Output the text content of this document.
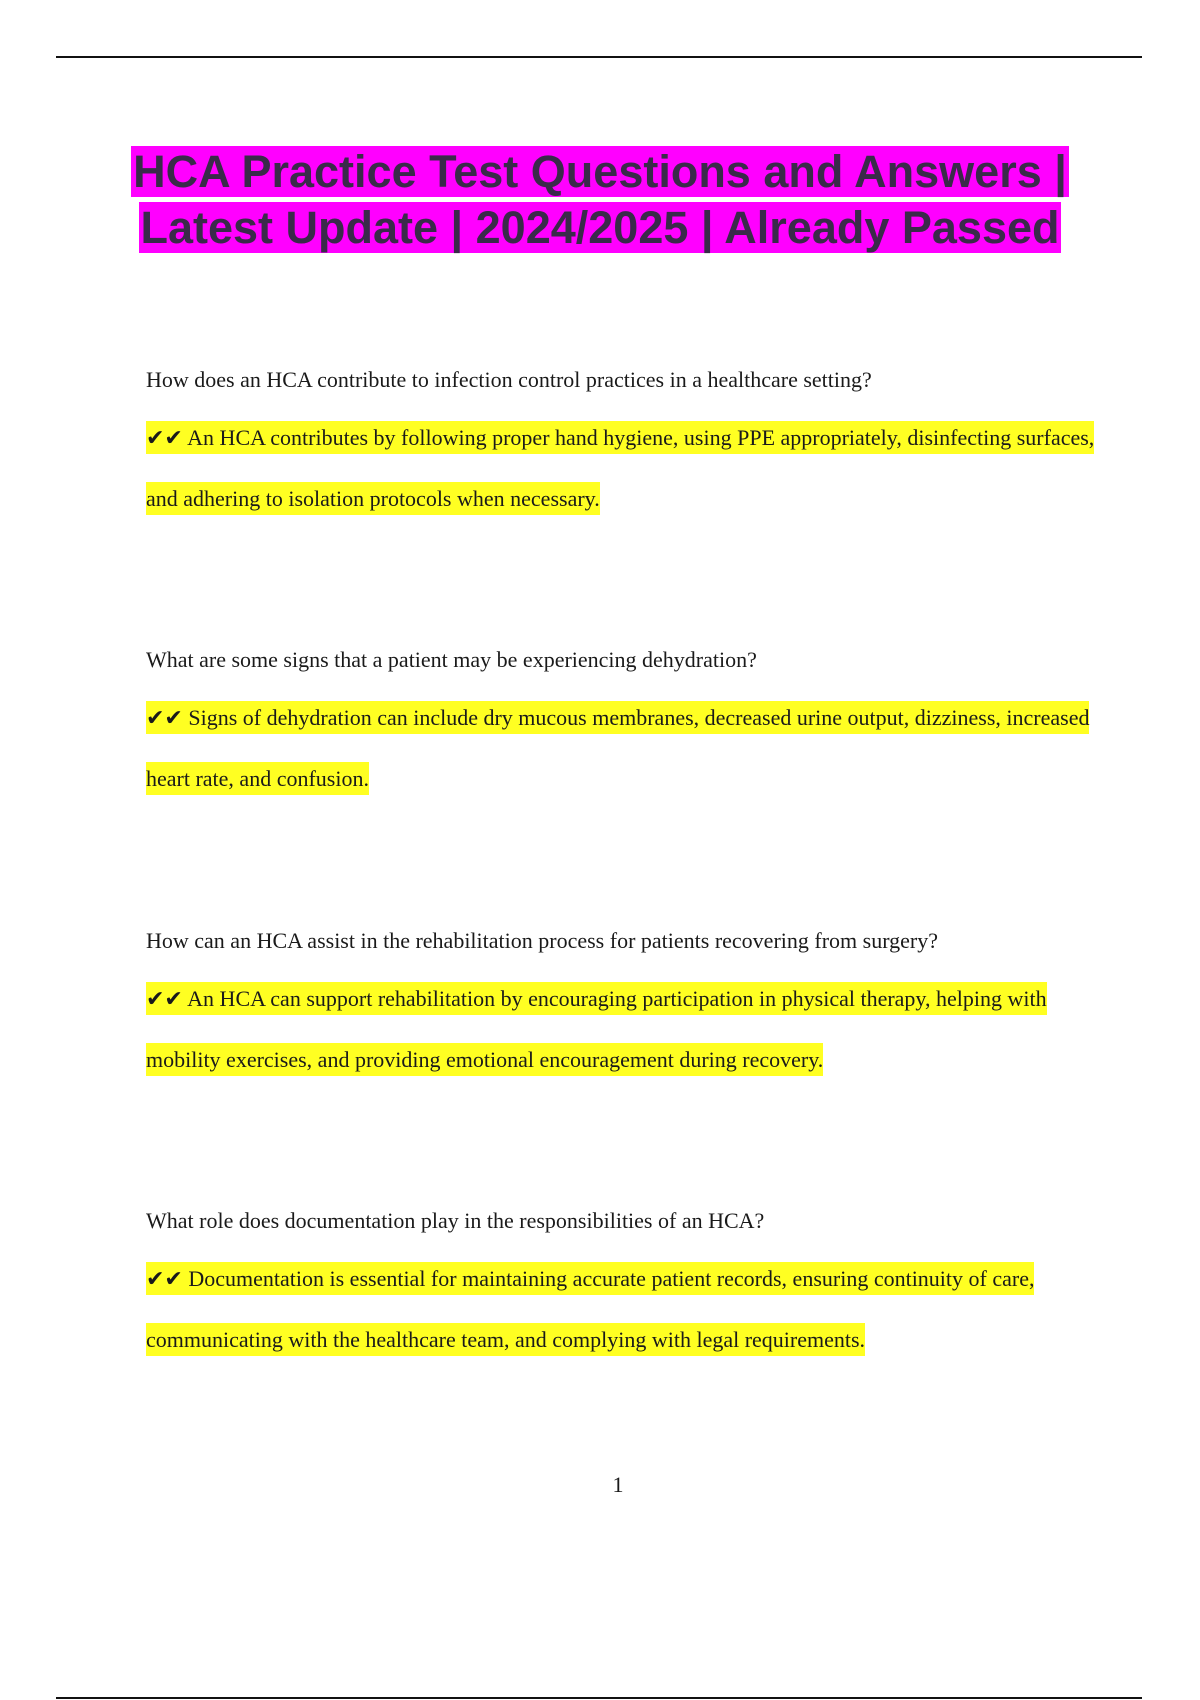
HCA Practice Test Questions and Answers | Latest Update | 2024/2025 | Already Passed

How does an HCA contribute to infection control practices in a healthcare setting?

✔✔ An HCA contributes by following proper hand hygiene, using PPE appropriately, disinfecting surfaces, and adhering to isolation protocols when necessary.

What are some signs that a patient may be experiencing dehydration?

✔✔ Signs of dehydration can include dry mucous membranes, decreased urine output, dizziness, increased heart rate, and confusion.

How can an HCA assist in the rehabilitation process for patients recovering from surgery?

✔✔ An HCA can support rehabilitation by encouraging participation in physical therapy, helping with mobility exercises, and providing emotional encouragement during recovery.

What role does documentation play in the responsibilities of an HCA?

✔✔ Documentation is essential for maintaining accurate patient records, ensuring continuity of care, communicating with the healthcare team, and complying with legal requirements.

1
